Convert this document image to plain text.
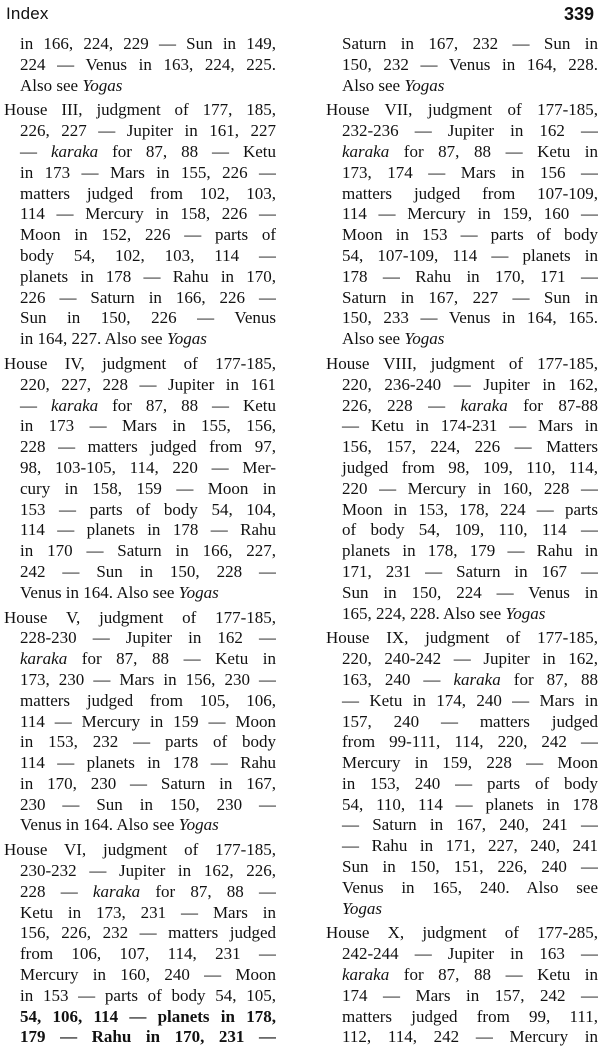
Index	339
in 166, 224, 229 — Sun in 149,
224 — Venus in 163, 224, 225.
Also see Yogas
House III, judgment of 177, 185,
226, 227 — Jupiter in 161, 227
— karaka for 87, 88 — Ketu
in 173 — Mars in 155, 226 —
matters judged from 102, 103,
114 — Mercury in 158, 226 —
Moon in 152, 226 — parts of
body 54, 102, 103, 114 —
planets in 178 — Rahu in 170,
226 — Saturn in 166, 226 —
Sun in 150, 226 — Venus
in 164, 227. Also see Yogas
House IV, judgment of 177-185,
220, 227, 228 — Jupiter in 161
— karaka for 87, 88 — Ketu
in 173 — Mars in 155, 156,
228 — matters judged from 97,
98, 103-105, 114, 220 — Mer-
cury in 158, 159 — Moon in
153 — parts of body 54, 104,
114 — planets in 178 — Rahu
in 170 — Saturn in 166, 227,
242 — Sun in 150, 228 —
Venus in 164. Also see Yogas
House V, judgment of 177-185,
228-230 — Jupiter in 162 —
karaka for 87, 88 — Ketu in
173, 230 — Mars in 156, 230 —
matters judged from 105, 106,
114 — Mercury in 159 — Moon
in 153, 232 — parts of body
114 — planets in 178 — Rahu
in 170, 230 — Saturn in 167,
230 — Sun in 150, 230 —
Venus in 164. Also see Yogas
House VI, judgment of 177-185,
230-232 — Jupiter in 162, 226,
228 — karaka for 87, 88 —
Ketu in 173, 231 — Mars in
156, 226, 232 — matters judged
from 106, 107, 114, 231 —
Mercury in 160, 240 — Moon
in 153 — parts of body 54, 105,
54, 106, 114 — planets in 178,
179 — Rahu in 170, 231 —
Saturn in 167, 232 — Sun in
150, 232 — Venus in 164, 228.
Also see Yogas
House VII, judgment of 177-185,
232-236 — Jupiter in 162 —
karaka for 87, 88 — Ketu in
173, 174 — Mars in 156 —
matters judged from 107-109,
114 — Mercury in 159, 160 —
Moon in 153 — parts of body
54, 107-109, 114 — planets in
178 — Rahu in 170, 171 —
Saturn in 167, 227 — Sun in
150, 233 — Venus in 164, 165.
Also see Yogas
House VIII, judgment of 177-185,
220, 236-240 — Jupiter in 162,
226, 228 — karaka for 87-88
— Ketu in 174-231 — Mars in
156, 157, 224, 226 — Matters
judged from 98, 109, 110, 114,
220 — Mercury in 160, 228 —
Moon in 153, 178, 224 — parts
of body 54, 109, 110, 114 —
planets in 178, 179 — Rahu in
171, 231 — Saturn in 167 —
Sun in 150, 224 — Venus in
165, 224, 228. Also see Yogas
House IX, judgment of 177-185,
220, 240-242 — Jupiter in 162,
163, 240 — karaka for 87, 88
— Ketu in 174, 240 — Mars in
157, 240 — matters judged
from 99-111, 114, 220, 242 —
Mercury in 159, 228 — Moon
in 153, 240 — parts of body
54, 110, 114 — planets in 178
— Saturn in 167, 240, 241 —
— Rahu in 171, 227, 240, 241
Sun in 150, 151, 226, 240 —
Venus in 165, 240. Also see
Yogas
House X, judgment of 177-285,
242-244 — Jupiter in 163 —
karaka for 87, 88 — Ketu in
174 — Mars in 157, 242 —
matters judged from 99, 111,
112, 114, 242 — Mercury in
